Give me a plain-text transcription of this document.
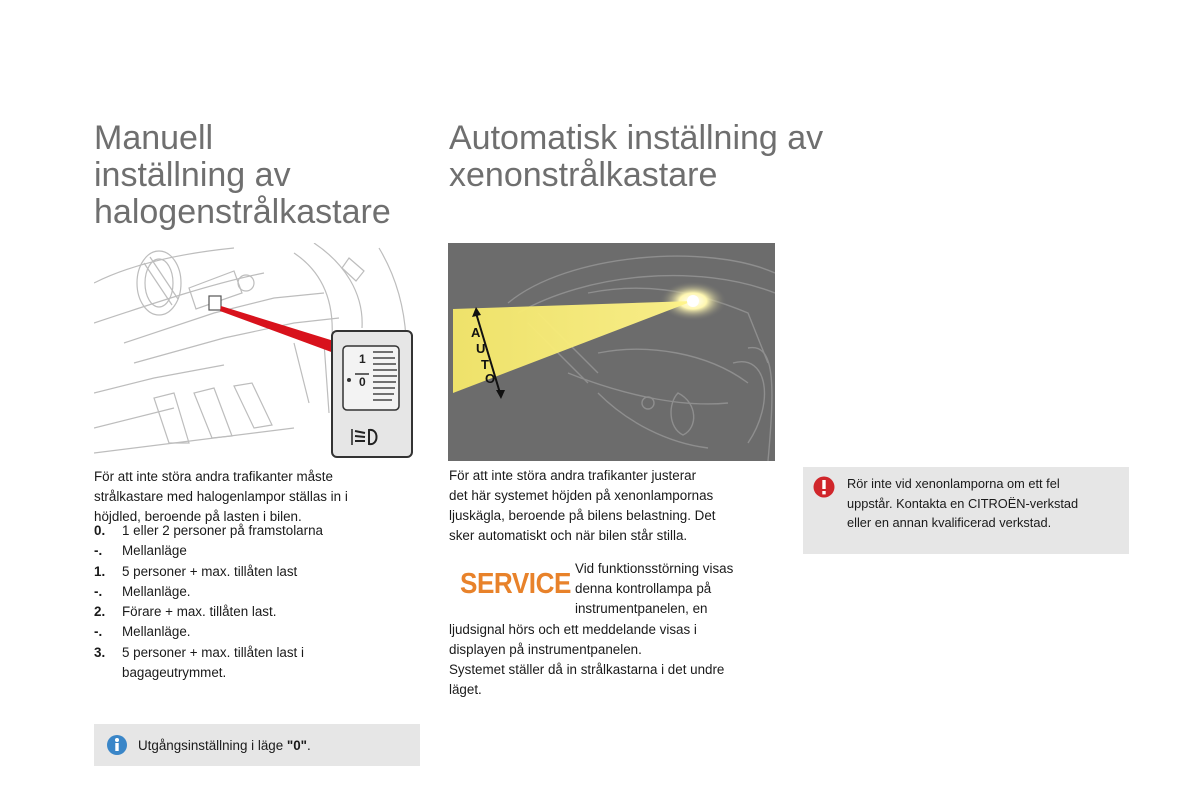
Manuell
inställning av
halogenstrålkastare
1
0

För att inte störa andra trafikanter måste

strålkastare med halogenlampor ställas in i

höjdled, beroende på lasten i bilen.

0.	1 eller 2 personer på framstolarna
-.	Mellanläge
1.	5 personer + max. tillåten last
-.	Mellanläge.
2.	Förare + max. tillåten last.
-.	Mellanläge.
3.	5 personer + max. tillåten last i
bagageutrymmet.
Utgångsinställning i läge "0".
Automatisk inställning av
xenonstrålkastare
A
U
T
O

För att inte störa andra trafikanter justerar

det här systemet höjden på xenonlampornas

ljuskägla, beroende på bilens belastning. Det

sker automatiskt och när bilen står stilla.

SERVICE Vid funktionsstörning visas

denna kontrollampa på

instrumentpanelen, en

ljudsignal hörs och ett meddelande visas i

displayen på instrumentpanelen.

Systemet ställer då in strålkastarna i det undre

läget.

Rör inte vid xenonlamporna om ett fel
uppstår. Kontakta en CITROËN-verkstad
eller en annan kvalificerad verkstad.
